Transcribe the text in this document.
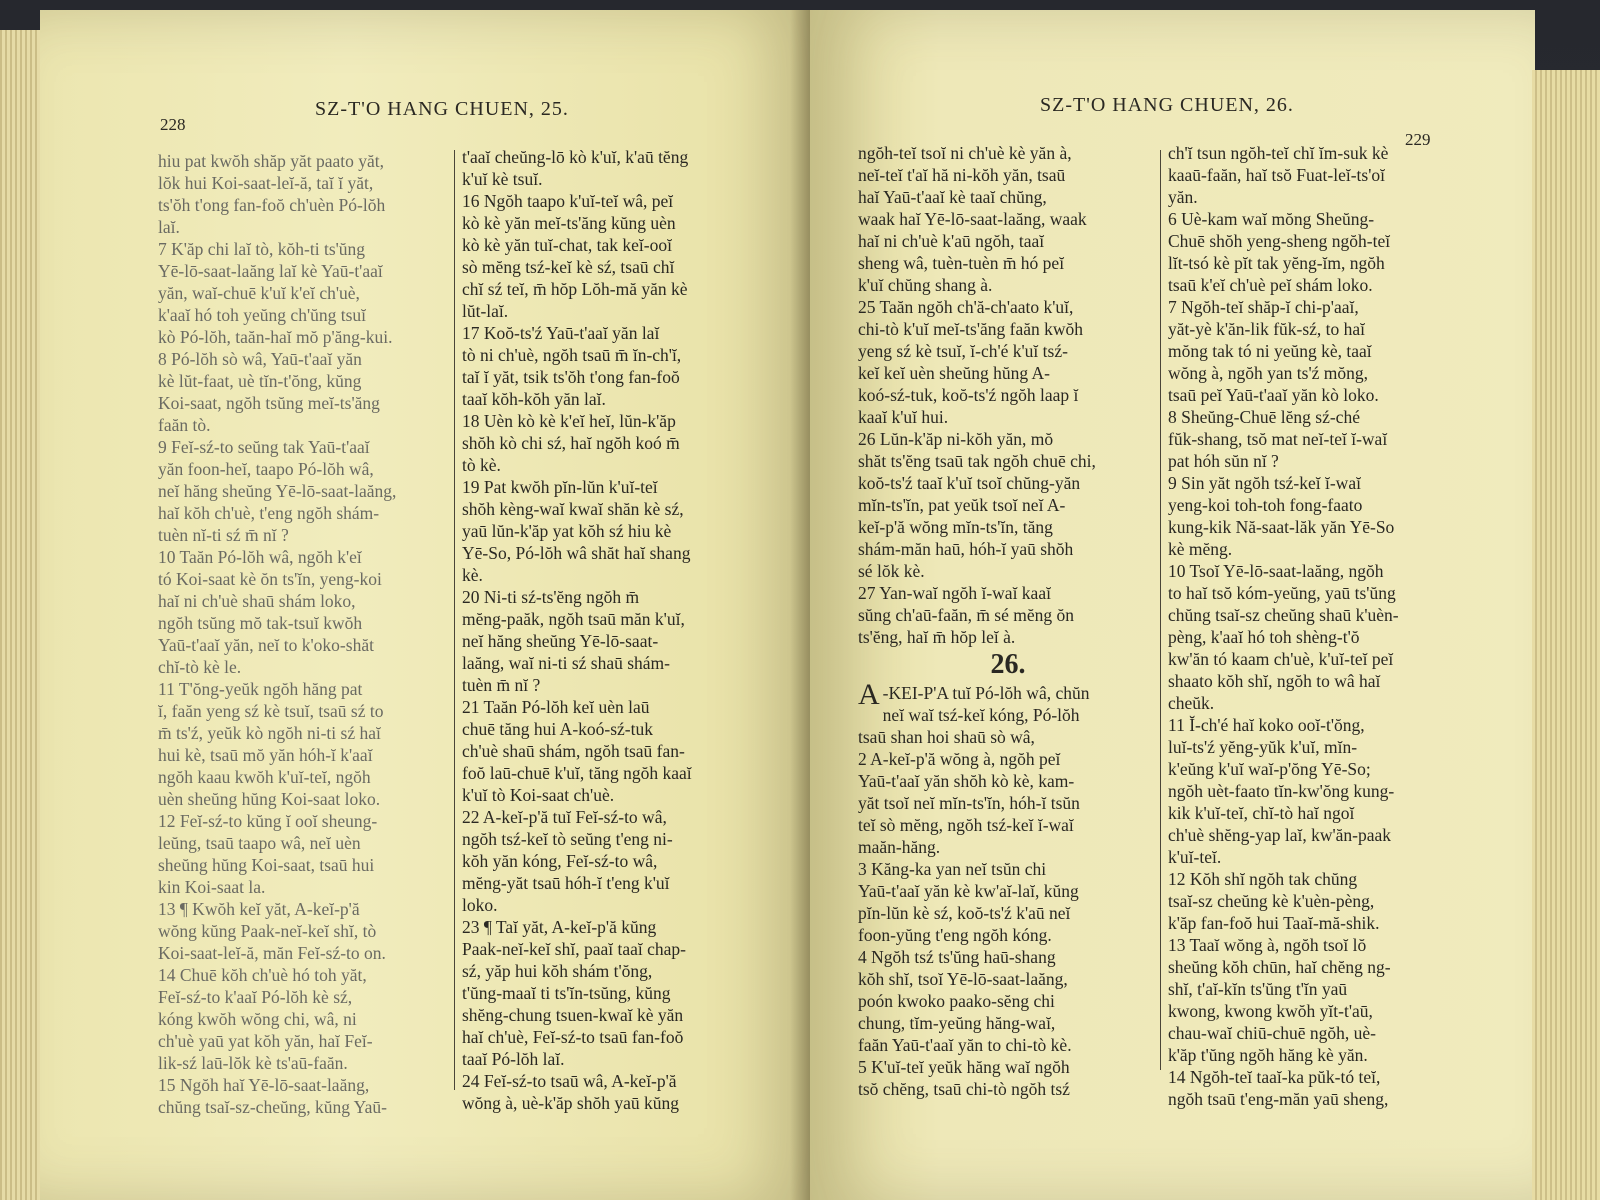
228
SZ-T'O HANG CHUEN, 25.

hiu pat kwŏh shăp yăt paato yăt,

lŏk hui Koi-saat-leĭ-ă, taĭ ĭ yăt,

ts'ŏh t'ong fan-foŏ ch'uèn Pó-lŏh

laĭ.

7 K'ăp chi laĭ tò, kŏh-ti ts'ŭng

Yē-lō-saat-laăng laĭ kè Yaū-t'aaĭ

yăn, waĭ-chuē k'uĭ k'eĭ ch'uè,

k'aaĭ hó toh yeŭng ch'ŭng tsuĭ

kò Pó-lŏh, taăn-haĭ mŏ p'ăng-kui.

8 Pó-lŏh sò wâ, Yaū-t'aaĭ yăn

kè lŭt-faat, uè tĭn-t'ŏng, kŭng

Koi-saat, ngŏh tsŭng meĭ-ts'ăng

faăn tò.

9 Feĭ-sź-to seŭng tak Yaū-t'aaĭ

yăn foon-heĭ, taapo Pó-lŏh wâ,

neĭ hăng sheŭng Yē-lō-saat-laăng,

haĭ kŏh ch'uè, t'eng ngŏh shám-

tuèn nĭ-ti sź m̄ nĭ ?

10 Taăn Pó-lŏh wâ, ngŏh k'eĭ

tó Koi-saat kè ŏn ts'ĭn, yeng-koi

haĭ ni ch'uè shaū shám loko,

ngŏh tsŭng mŏ tak-tsuĭ kwŏh

Yaū-t'aaĭ yăn, neĭ to k'oko-shăt

chĭ-tò kè le.

11 T'ŏng-yeŭk ngŏh hăng pat

ĭ, faăn yeng sź kè tsuĭ, tsaū sź to

m̄ ts'ź, yeŭk kò ngŏh ni-ti sź haĭ

hui kè, tsaū mŏ yăn hóh-ĭ k'aaĭ

ngŏh kaau kwŏh k'uĭ-teĭ, ngŏh

uèn sheŭng hŭng Koi-saat loko.

12 Feĭ-sź-to kŭng ĭ ooĭ sheung-

leŭng, tsaū taapo wâ, neĭ uèn

sheŭng hŭng Koi-saat, tsaū hui

kin Koi-saat la.

13 ¶ Kwŏh keĭ yăt, A-keĭ-p'ă

wŏng kŭng Paak-neĭ-keĭ shĭ, tò

Koi-saat-leĭ-ă, măn Feĭ-sź-to on.

14 Chuē kŏh ch'uè hó toh yăt,

Feĭ-sź-to k'aaĭ Pó-lŏh kè sź,

kóng kwŏh wŏng chi, wâ, ni

ch'uè yaū yat kŏh yăn, haĭ Feĭ-

lik-sź laū-lŏk kè ts'aū-faăn.

15 Ngŏh haĭ Yē-lō-saat-laăng,

chŭng tsaĭ-sz-cheŭng, kŭng Yaū-

t'aaĭ cheŭng-lō kò k'uĭ, k'aū tĕng

k'uĭ kè tsuĭ.

16 Ngŏh taapo k'uĭ-teĭ wâ, peĭ

kò kè yăn meĭ-ts'ăng kŭng uèn

kò kè yăn tuĭ-chat, tak keĭ-ooĭ

sò mĕng tsź-keĭ kè sź, tsaū chĭ

chĭ sź teĭ, m̄ hŏp Lŏh-mă yăn kè

lŭt-laĭ.

17 Koŏ-ts'ź Yaū-t'aaĭ yăn laĭ

tò ni ch'uè, ngŏh tsaū m̄ ĭn-ch'ĭ,

taĭ ĭ yăt, tsik ts'ŏh t'ong fan-foŏ

taaĭ kŏh-kŏh yăn laĭ.

18 Uèn kò kè k'eĭ heĭ, lŭn-k'ăp

shŏh kò chi sź, haĭ ngŏh koó m̄

tò kè.

19 Pat kwŏh pĭn-lŭn k'uĭ-teĭ

shŏh kèng-waĭ kwaĭ shăn kè sź,

yaū lŭn-k'ăp yat kŏh sź hiu kè

Yē-So, Pó-lŏh wâ shăt haĭ shang

kè.

20 Ni-ti sź-ts'ĕng ngŏh m̄

mĕng-paăk, ngŏh tsaū măn k'uĭ,

neĭ hăng sheŭng Yē-lō-saat-

laăng, waĭ ni-ti sź shaū shám-

tuèn m̄ nĭ ?

21 Taăn Pó-lŏh keĭ uèn laū

chuē tăng hui A-koó-sź-tuk

ch'uè shaū shám, ngŏh tsaū fan-

foŏ laū-chuē k'uĭ, tăng ngŏh kaaĭ

k'uĭ tò Koi-saat ch'uè.

22 A-keĭ-p'ă tuĭ Feĭ-sź-to wâ,

ngŏh tsź-keĭ tò seŭng t'eng ni-

kŏh yăn kóng, Feĭ-sź-to wâ,

mĕng-yăt tsaū hóh-ĭ t'eng k'uĭ

loko.

23 ¶ Taĭ yăt, A-keĭ-p'ă kŭng

Paak-neĭ-keĭ shĭ, paaĭ taaĭ chap-

sź, yăp hui kŏh shám t'ŏng,

t'ŭng-maaĭ ti ts'ĭn-tsŭng, kŭng

shĕng-chung tsuen-kwaĭ kè yăn

haĭ ch'uè, Feĭ-sź-to tsaū fan-foŏ

taaĭ Pó-lŏh laĭ.

24 Feĭ-sź-to tsaū wâ, A-keĭ-p'ă

wŏng à, uè-k'ăp shŏh yaū kŭng

SZ-T'O HANG CHUEN, 26.
229

ngŏh-teĭ tsoĭ ni ch'uè kè yăn à,

neĭ-teĭ t'aĭ hă ni-kŏh yăn, tsaū

haĭ Yaū-t'aaĭ kè taaĭ chŭng,

waak haĭ Yē-lō-saat-laăng, waak

haĭ ni ch'uè k'aū ngŏh, taaĭ

sheng wâ, tuèn-tuèn m̄ hó peĭ

k'uĭ chŭng shang à.

25 Taăn ngŏh ch'ă-ch'aato k'uĭ,

chi-tò k'uĭ meĭ-ts'ăng faăn kwŏh

yeng sź kè tsuĭ, ĭ-ch'é k'uĭ tsź-

keĭ keĭ uèn sheŭng hŭng A-

koó-sź-tuk, koŏ-ts'ź ngŏh laap ĭ

kaaĭ k'uĭ hui.

26 Lŭn-k'ăp ni-kŏh yăn, mŏ

shăt ts'ĕng tsaū tak ngŏh chuē chi,

koŏ-ts'ź taaĭ k'uĭ tsoĭ chŭng-yăn

mĭn-ts'ĭn, pat yeŭk tsoĭ neĭ A-

keĭ-p'ă wŏng mĭn-ts'ĭn, tăng

shám-măn haū, hóh-ĭ yaū shŏh

sé lŏk kè.

27 Yan-waĭ ngŏh ĭ-waĭ kaaĭ

sŭng ch'aū-faăn, m̄ sé mĕng ŏn

ts'ĕng, haĭ m̄ hŏp leĭ à.

26.
A -KEI-P'A tuĭ Pó-lŏh wâ, chŭn

neĭ waĭ tsź-keĭ kóng, Pó-lŏh

tsaū shan hoi shaū sò wâ,

2 A-keĭ-p'ă wŏng à, ngŏh peĭ

Yaū-t'aaĭ yăn shŏh kò kè, kam-

yăt tsoĭ neĭ mĭn-ts'ĭn, hóh-ĭ tsŭn

teĭ sò mĕng, ngŏh tsź-keĭ ĭ-waĭ

maăn-hăng.

3 Kăng-ka yan neĭ tsŭn chi

Yaū-t'aaĭ yăn kè kw'aĭ-laĭ, kŭng

pĭn-lŭn kè sź, koŏ-ts'ź k'aū neĭ

foon-yŭng t'eng ngŏh kóng.

4 Ngŏh tsź ts'ŭng haū-shang

kŏh shĭ, tsoĭ Yē-lō-saat-laăng,

poón kwoko paako-sĕng chi

chung, tĭm-yeŭng hăng-waĭ,

faăn Yaū-t'aaĭ yăn to chi-tò kè.

5 K'uĭ-teĭ yeŭk hăng waĭ ngŏh

tsŏ chĕng, tsaū chi-tò ngŏh tsź

ch'ĭ tsun ngŏh-teĭ chĭ ĭm-suk kè

kaaū-faăn, haĭ tsŏ Fuat-leĭ-ts'oĭ

yăn.

6 Uè-kam waĭ mŏng Sheŭng-

Chuē shŏh yeng-sheng ngŏh-teĭ

lĭt-tsó kè pĭt tak yĕng-ĭm, ngŏh

tsaū k'eĭ ch'uè peĭ shám loko.

7 Ngŏh-teĭ shăp-ĭ chi-p'aaĭ,

yăt-yè k'ăn-lik fŭk-sź, to haĭ

mŏng tak tó ni yeŭng kè, taaĭ

wŏng à, ngŏh yan ts'ź mŏng,

tsaū peĭ Yaū-t'aaĭ yăn kò loko.

8 Sheŭng-Chuē lĕng sź-ché

fŭk-shang, tsŏ mat neĭ-teĭ ĭ-waĭ

pat hóh sŭn nĭ ?

9 Sin yăt ngŏh tsź-keĭ ĭ-waĭ

yeng-koi toh-toh fong-faato

kung-kik Nă-saat-lăk yăn Yē-So

kè mĕng.

10 Tsoĭ Yē-lō-saat-laăng, ngŏh

to haĭ tsŏ kóm-yeŭng, yaū ts'ŭng

chŭng tsaĭ-sz cheŭng shaū k'uèn-

pèng, k'aaĭ hó toh shèng-t'ŏ

kw'ăn tó kaam ch'uè, k'uĭ-teĭ peĭ

shaato kŏh shĭ, ngŏh to wâ haĭ

cheŭk.

11 Ĭ-ch'é haĭ koko ooĭ-t'ŏng,

luĭ-ts'ź yĕng-yŭk k'uĭ, mĭn-

k'eŭng k'uĭ waĭ-p'ŏng Yē-So;

ngŏh uèt-faato tĭn-kw'ŏng kung-

kik k'uĭ-teĭ, chĭ-tò haĭ ngoĭ

ch'uè shĕng-yap laĭ, kw'ăn-paak

k'uĭ-teĭ.

12 Kŏh shĭ ngŏh tak chŭng

tsaĭ-sz cheŭng kè k'uèn-pèng,

k'ăp fan-foŏ hui Taaĭ-mă-shik.

13 Taaĭ wŏng à, ngŏh tsoĭ lŏ

sheŭng kŏh chūn, haĭ chĕng ng-

shĭ, t'aĭ-kĭn ts'ŭng t'ĭn yaū

kwong, kwong kwŏh yĭt-t'aū,

chau-waĭ chiū-chuē ngŏh, uè-

k'ăp t'ŭng ngŏh hăng kè yăn.

14 Ngŏh-teĭ taaĭ-ka pŭk-tó teĭ,

ngŏh tsaū t'eng-măn yaū sheng,
